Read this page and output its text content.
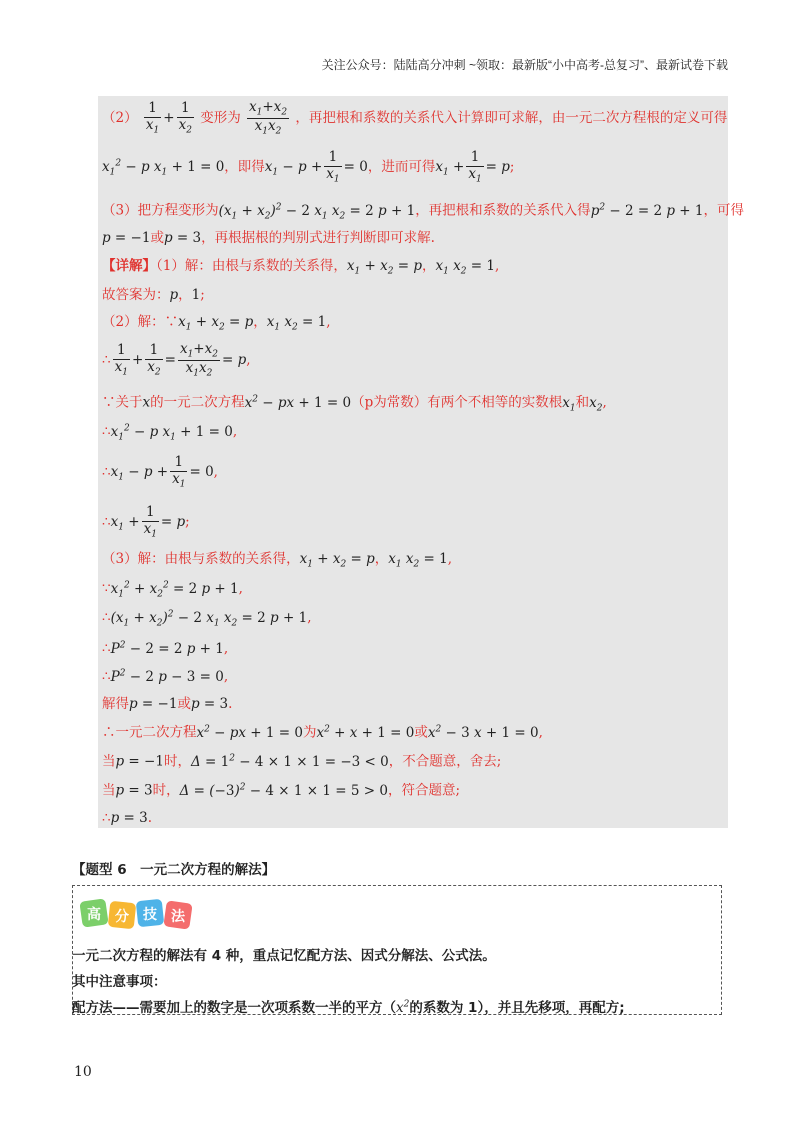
关注公众号：陆陆高分冲刺 ~领取：最新版“小中高考-总复习”、最新试卷下载
$(2) \frac{1}{x_1} + \frac{1}{x_2}$ 变形为 $\frac{x_1+x_2}{x_1x_2}$ ，再把根和系数的关系代入计算即可求解，由一元二次方程根的定义可得
$x_1^2 - p$ $x_1 + 1 = 0$，即得$x_1 - p + \frac{1}{x_1} = 0$，进而可得$x_1 + \frac{1}{x_1} = p$;
（3）把方程变形为$(x_1 + x_2)^2 - 2$ $x_1$ $x_2 = 2$ p + 1，再把根和系数的关系代入得$p^2 - 2 = 2$ p + 1，可得
p = −1或p = 3，再根据根的判别式进行判断即可求解.
【详解】（1）解：由根与系数的关系得，$x_1 + x_2 = p$，$x_1$ $x_2 = 1$,
故答案为：p，1;
（2）解：$\because x_1 + x_2 = p$，$x_1$ $x_2 = 1$,
∴ $\frac{1}{x_1} + \frac{1}{x_2} = \frac{x_1+x_2}{x_1x_2} = p$,
∵关于x的一元二次方程$x^2$ − px + 1 = 0（p为常数）有两个不相等的实数根$x_1$和$x_2$,
$\therefore x_1^2 - p$ $x_1 + 1 = 0$,
$\therefore x_1 - p + \frac{1}{x_1} = 0$,
$\therefore x_1 + \frac{1}{x_1} = p$;
（3）解：由根与系数的关系得，$x_1 + x_2 = p$，$x_1$ $x_2 = 1$,
$\because x_1^2 + x_2^2 = 2$ p + 1,
$\therefore(x_1 + x_2)^2 - 2$ $x_1$ $x_2 = 2$ p + 1,
$\therefore P^2 - 2 = 2$ p + 1,
$\therefore P^2 - 2$ p − 3 = 0,
解得p = −1或p = 3.
∴一元二次方程$x^2$ − px + 1 = 0为$x^2 + x + 1 = 0$或$x^2 - 3$ x + 1 = 0,
当p = −1时，$\Delta = 1^2 - 4 \times 1 \times 1 = -3 < 0$，不合题意，舍去;
当p = 3时，$\Delta = (-3)^2 - 4 \times 1 \times 1 = 5 > 0$，符合题意;
∴p = 3.
【题型 6　一元二次方程的解法】
高 分 技 法
一元二次方程的解法有 4 种，重点记忆配方法、因式分解法、公式法。
其中注意事项：
配方法——需要加上的数字是一次项系数一半的平方（$x^2$的系数为 1），并且先移项，再配方;
10
